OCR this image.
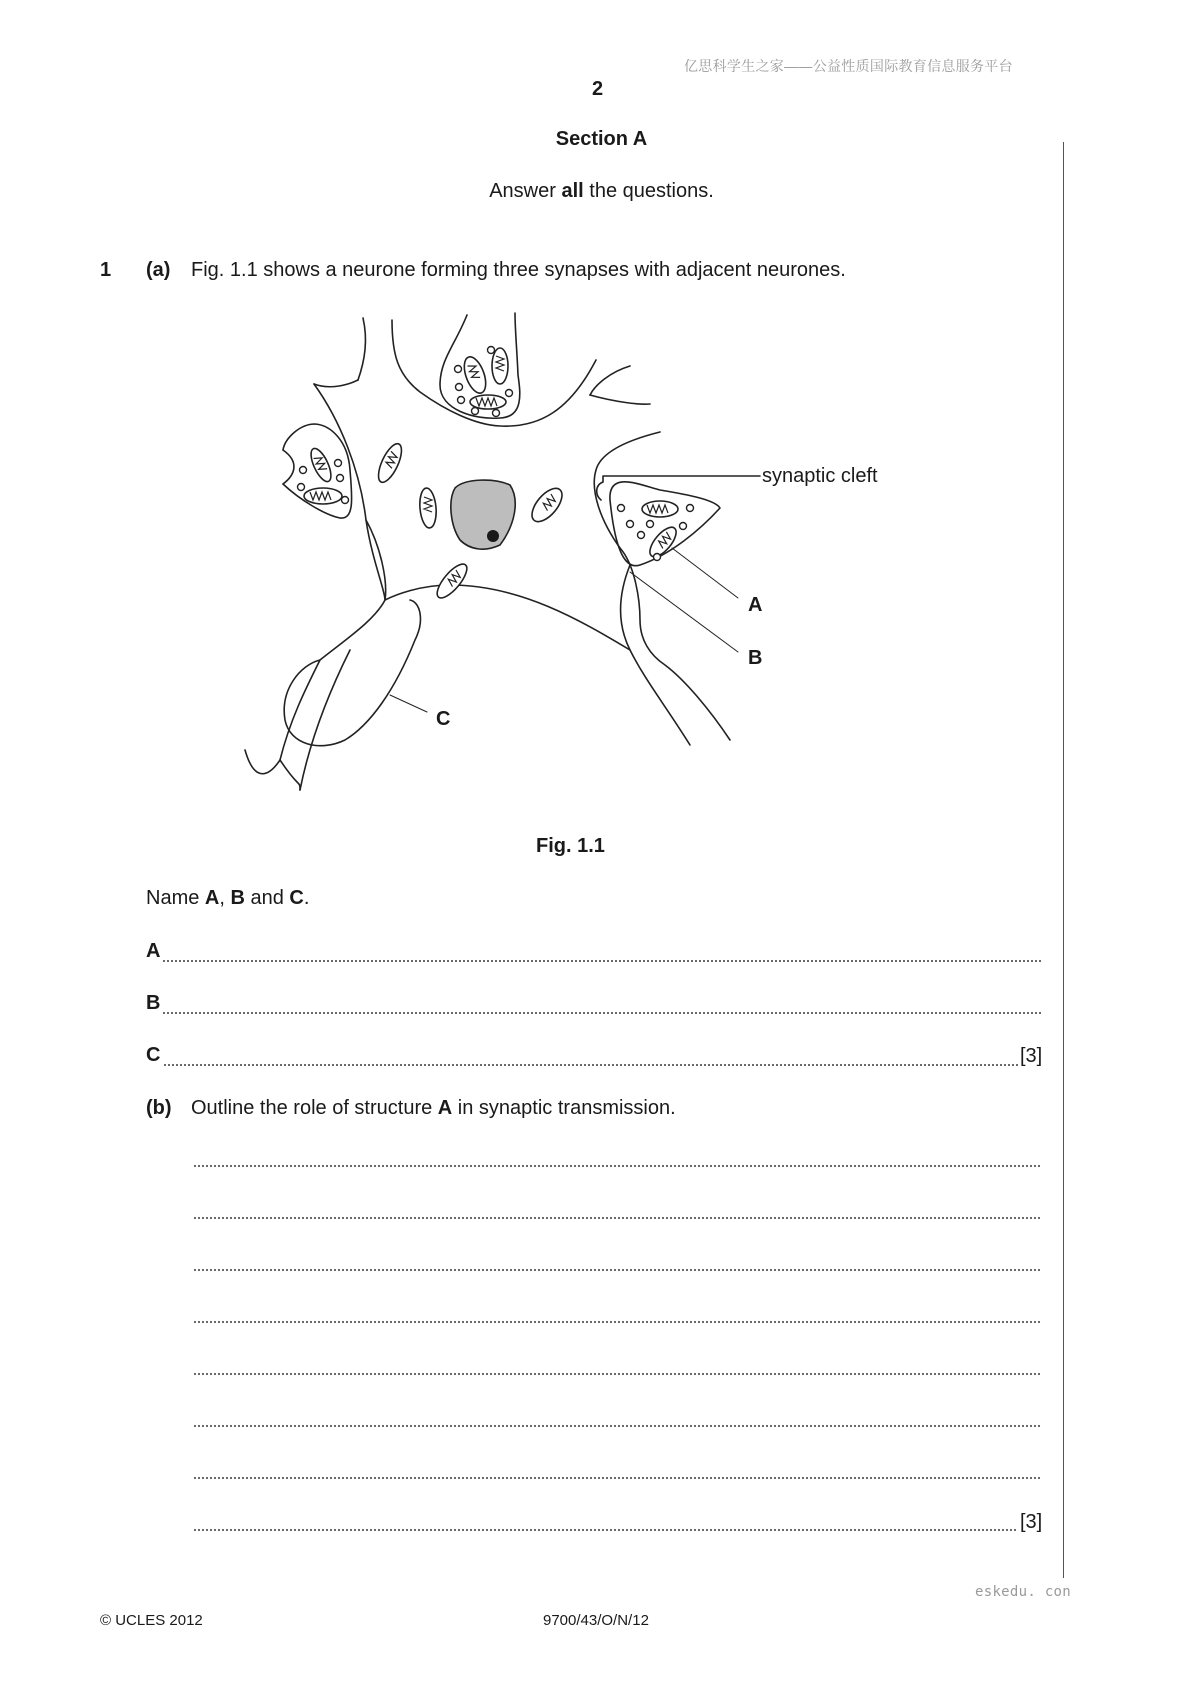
亿思科学生之家——公益性质国际教育信息服务平台
2
Section A
Answer all the questions.
1 (a) Fig. 1.1 shows a neurone forming three synapses with adjacent neurones.
synaptic cleft
A
B
C
Fig. 1.1
Name A, B and C.
A
B
C	[3]
(b) Outline the role of structure A in synaptic transmission.
[3]
eskedu. con
© UCLES 2012	9700/43/O/N/12
